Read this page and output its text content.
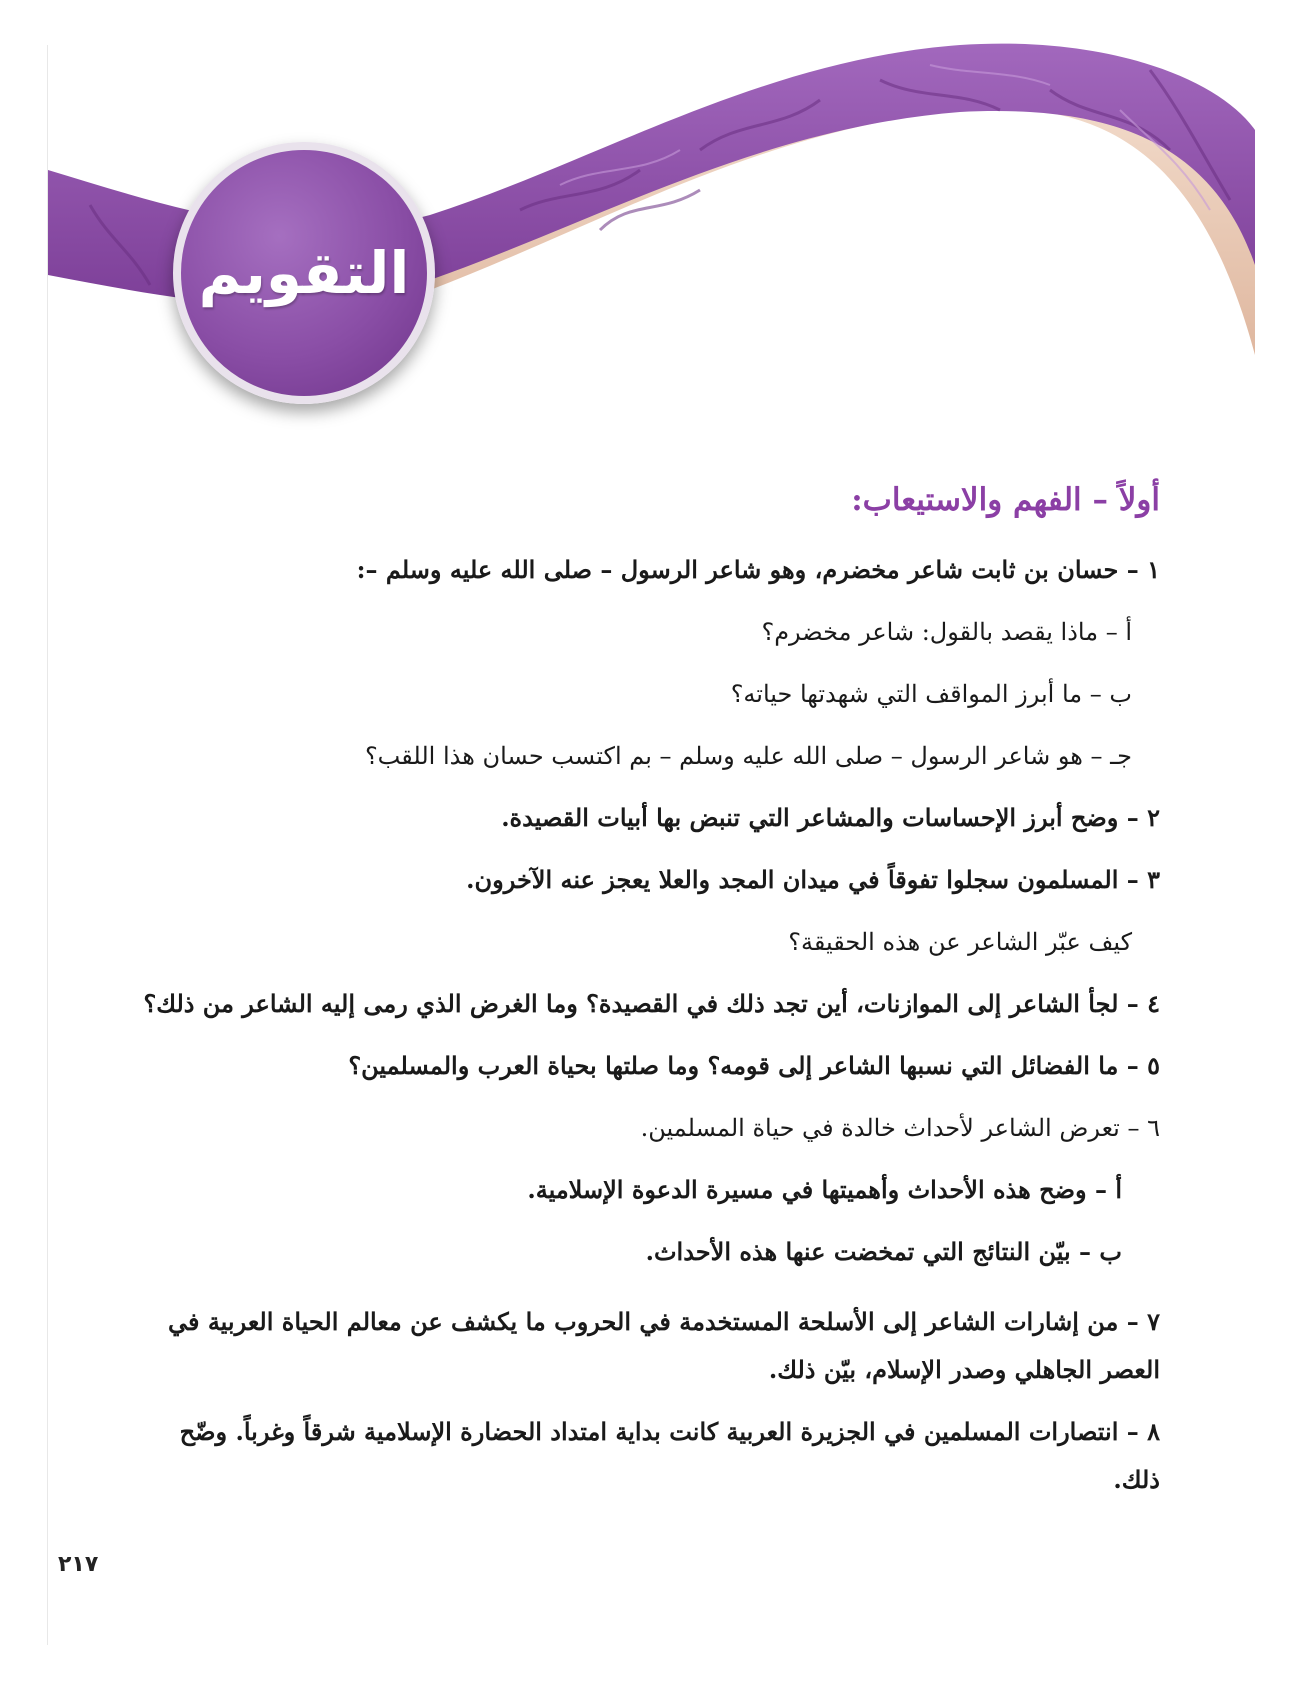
التقويم
أولاً – الفهم والاستيعاب:
١ – حسان بن ثابت شاعر مخضرم، وهو شاعر الرسول – صلى الله عليه وسلم –:
أ – ماذا يقصد بالقول: شاعر مخضرم؟
ب – ما أبرز المواقف التي شهدتها حياته؟
جـ – هو شاعر الرسول – صلى الله عليه وسلم – بم اكتسب حسان هذا اللقب؟
٢ – وضح أبرز الإحساسات والمشاعر التي تنبض بها أبيات القصيدة.
٣ – المسلمون سجلوا تفوقاً في ميدان المجد والعلا يعجز عنه الآخرون.
كيف عبّر الشاعر عن هذه الحقيقة؟
٤ – لجأ الشاعر إلى الموازنات، أين تجد ذلك في القصيدة؟ وما الغرض الذي رمى إليه الشاعر من ذلك؟
٥ – ما الفضائل التي نسبها الشاعر إلى قومه؟ وما صلتها بحياة العرب والمسلمين؟
٦ – تعرض الشاعر لأحداث خالدة في حياة المسلمين.
أ – وضح هذه الأحداث وأهميتها في مسيرة الدعوة الإسلامية.
ب – بيّن النتائج التي تمخضت عنها هذه الأحداث.
٧ – من إشارات الشاعر إلى الأسلحة المستخدمة في الحروب ما يكشف عن معالم الحياة العربية في العصر الجاهلي وصدر الإسلام، بيّن ذلك.
٨ – انتصارات المسلمين في الجزيرة العربية كانت بداية امتداد الحضارة الإسلامية شرقاً وغرباً. وضّح ذلك.
٢١٧
